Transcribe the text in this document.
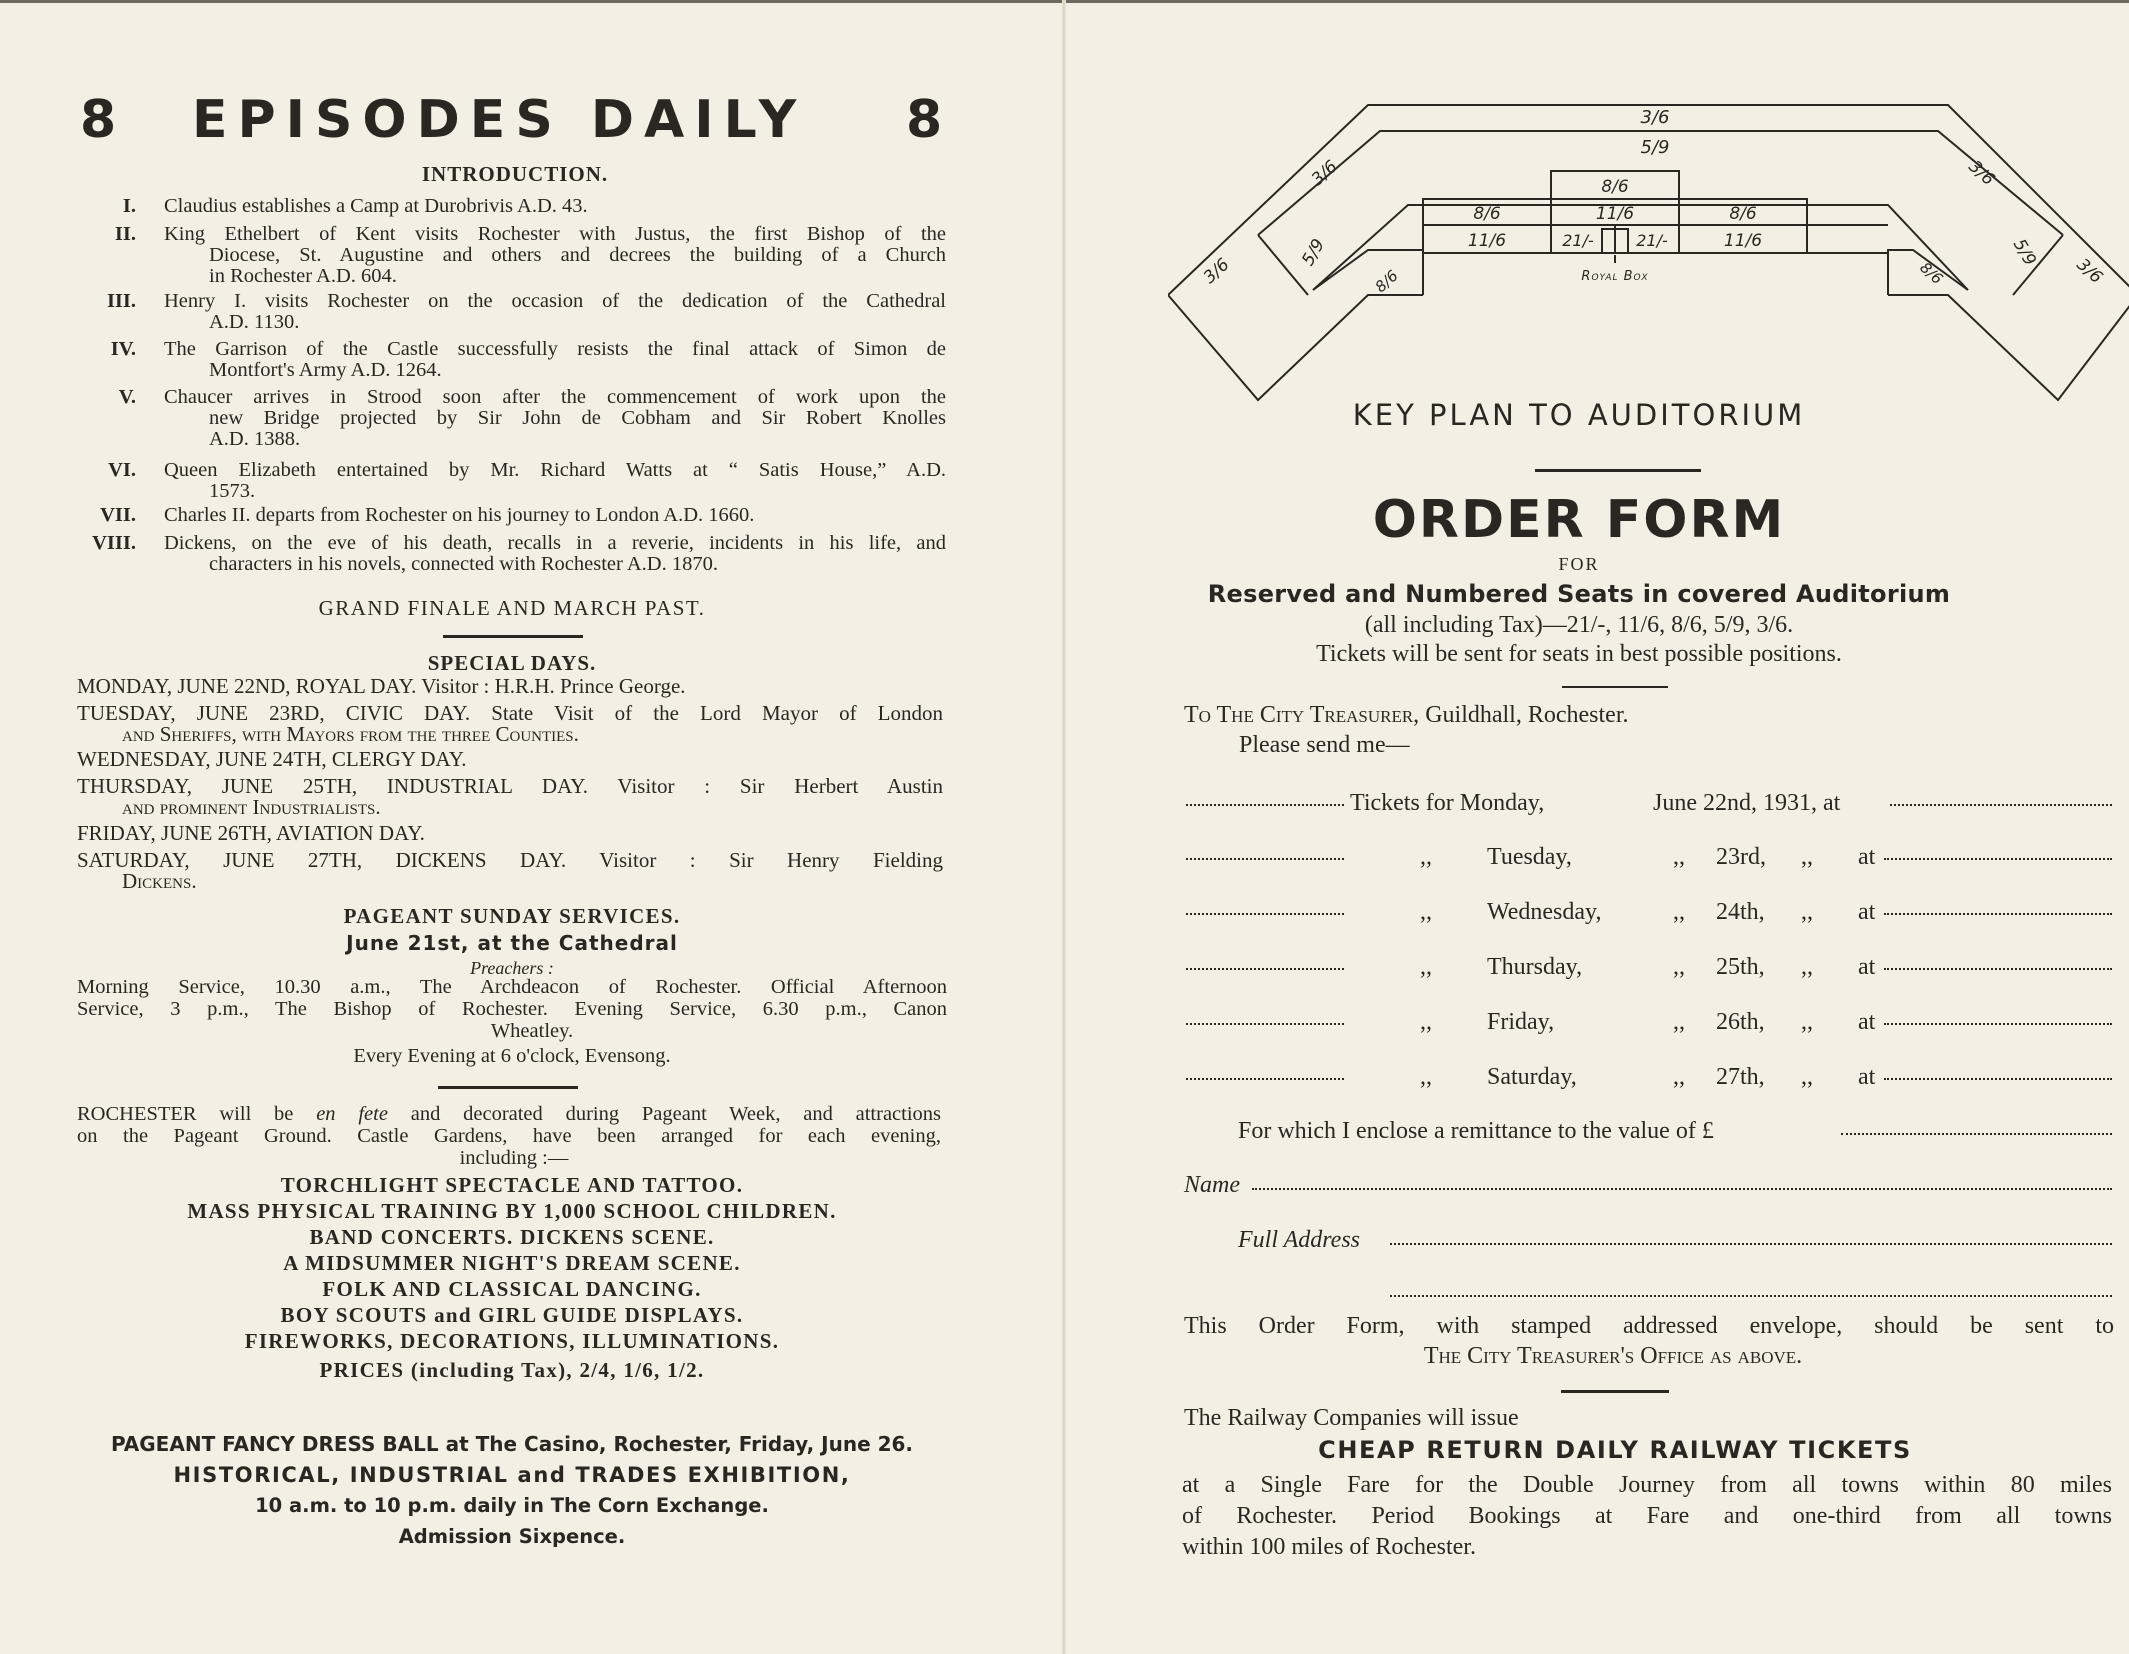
8 EPISODES DAILY 8
INTRODUCTION.
I. Claudius establishes a Camp at Durobrivis A.D. 43.
II. King Ethelbert of Kent visits Rochester with Justus, the first Bishop of the
Diocese, St. Augustine and others and decrees the building of a Church
in Rochester A.D. 604.
III. Henry I. visits Rochester on the occasion of the dedication of the Cathedral
A.D. 1130.
IV. The Garrison of the Castle successfully resists the final attack of Simon de
Montfort's Army A.D. 1264.
V. Chaucer arrives in Strood soon after the commencement of work upon the
new Bridge projected by Sir John de Cobham and Sir Robert Knolles
A.D. 1388.
VI. Queen Elizabeth entertained by Mr. Richard Watts at “ Satis House,” A.D.
1573.
VII. Charles II. departs from Rochester on his journey to London A.D. 1660.
VIII. Dickens, on the eve of his death, recalls in a reverie, incidents in his life, and
characters in his novels, connected with Rochester A.D. 1870.
GRAND FINALE AND MARCH PAST.
SPECIAL DAYS.
MONDAY, JUNE 22ND, ROYAL DAY. Visitor : H.R.H. Prince George.
TUESDAY, JUNE 23RD, CIVIC DAY. State Visit of the Lord Mayor of London
and Sheriffs, with Mayors from the three Counties.
WEDNESDAY, JUNE 24TH, CLERGY DAY.
THURSDAY, JUNE 25TH, INDUSTRIAL DAY. Visitor : Sir Herbert Austin
and prominent Industrialists.
FRIDAY, JUNE 26TH, AVIATION DAY.
SATURDAY, JUNE 27TH, DICKENS DAY. Visitor : Sir Henry Fielding
Dickens.
PAGEANT SUNDAY SERVICES.
June 21st, at the Cathedral
Preachers :
Morning Service, 10.30 a.m., The Archdeacon of Rochester. Official Afternoon
Service, 3 p.m., The Bishop of Rochester. Evening Service, 6.30 p.m., Canon
Wheatley.
Every Evening at 6 o'clock, Evensong.
ROCHESTER will be en fete and decorated during Pageant Week, and attractions
on the Pageant Ground. Castle Gardens, have been arranged for each evening,
including :—
TORCHLIGHT SPECTACLE AND TATTOO.
MASS PHYSICAL TRAINING BY 1,000 SCHOOL CHILDREN.
BAND CONCERTS. DICKENS SCENE.
A MIDSUMMER NIGHT'S DREAM SCENE.
FOLK AND CLASSICAL DANCING.
BOY SCOUTS and GIRL GUIDE DISPLAYS.
FIREWORKS, DECORATIONS, ILLUMINATIONS.
PRICES (including Tax), 2/4, 1/6, 1/2.
PAGEANT FANCY DRESS BALL at The Casino, Rochester, Friday, June 26.
HISTORICAL, INDUSTRIAL and TRADES EXHIBITION,
10 a.m. to 10 p.m. daily in The Corn Exchange.
Admission Sixpence.
3/6
5/9
3/6
3/6
5/9
8/6
3/6
3/6
5/9
8/6
8/6
11/6
21/-	21/-
8/6
11/6
8/6
11/6
Royal Box
KEY PLAN TO AUDITORIUM
ORDER FORM
FOR
Reserved and Numbered Seats in covered Auditorium
(all including Tax)—21/-, 11/6, 8/6, 5/9, 3/6.
Tickets will be sent for seats in best possible positions.
To The City Treasurer, Guildhall, Rochester.
Please send me—
Tickets for Monday,	June 22nd, 1931, at
,, Tuesday,	,, 23rd, ,, at
,, Wednesday,	,, 24th, ,, at
,, Thursday,	,, 25th, ,, at
,, Friday,	,, 26th, ,, at
,, Saturday,	,, 27th, ,, at
For which I enclose a remittance to the value of £
Name
Full Address
This Order Form, with stamped addressed envelope, should be sent to
The City Treasurer's Office as above.
The Railway Companies will issue
CHEAP RETURN DAILY RAILWAY TICKETS
at a Single Fare for the Double Journey from all towns within 80 miles
of Rochester. Period Bookings at Fare and one-third from all towns
within 100 miles of Rochester.
